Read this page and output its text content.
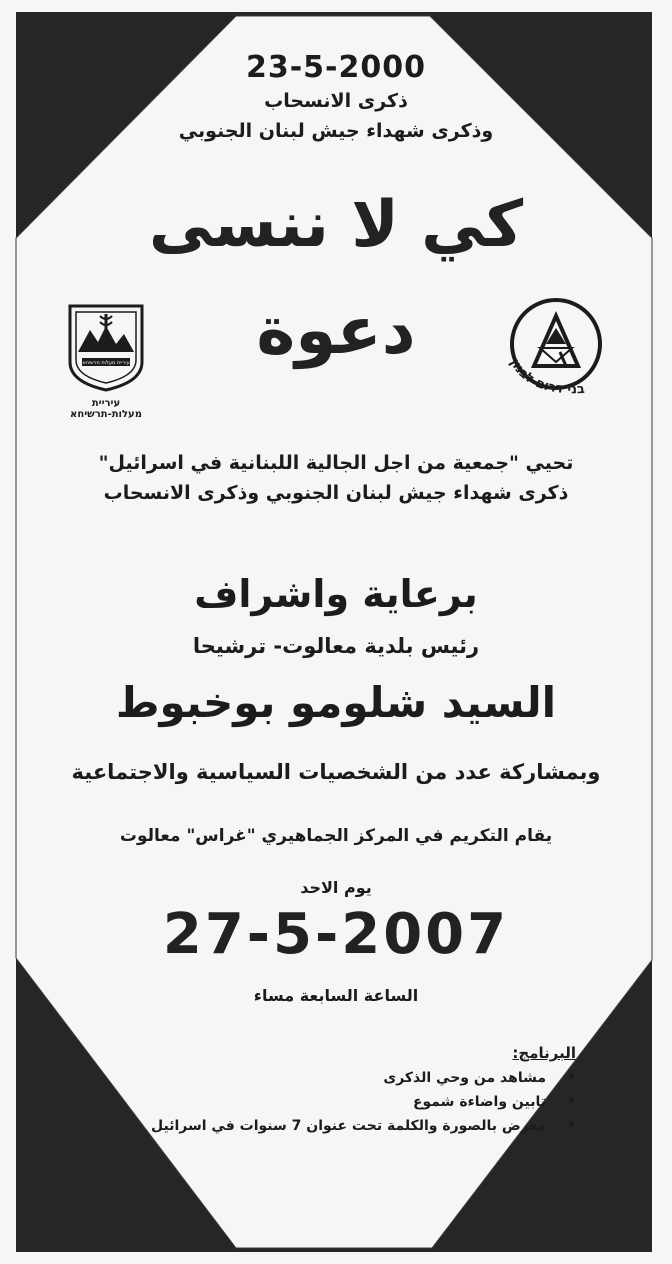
23-5-2000
ذكرى الانسحاب
وذكرى شهداء جيش لبنان الجنوبي
كي لا ننسى
دعوة
עיריית מעלות תרשיחא
עיריית
מעלות-תרשיחא
בני דרום לבנון
تحيي "جمعية من اجل الجالية اللبنانية في اسرائيل"
ذكرى شهداء جيش لبنان الجنوبي وذكرى الانسحاب
برعاية واشراف
رئيس بلدية معالوت- ترشيحا
السيد شلومو بوخبوط
وبمشاركة عدد من الشخصيات السياسية والاجتماعية
يقام التكريم في المركز الجماهيري "غراس" معالوت
يوم الاحد
27-5-2007
الساعة السابعة مساء
البرنامج:
•
مشاهد من وحي الذكرى
•
تابين واضاءة شموع
•
معرض بالصورة والكلمة تحت عنوان 7 سنوات في اسرائيل
